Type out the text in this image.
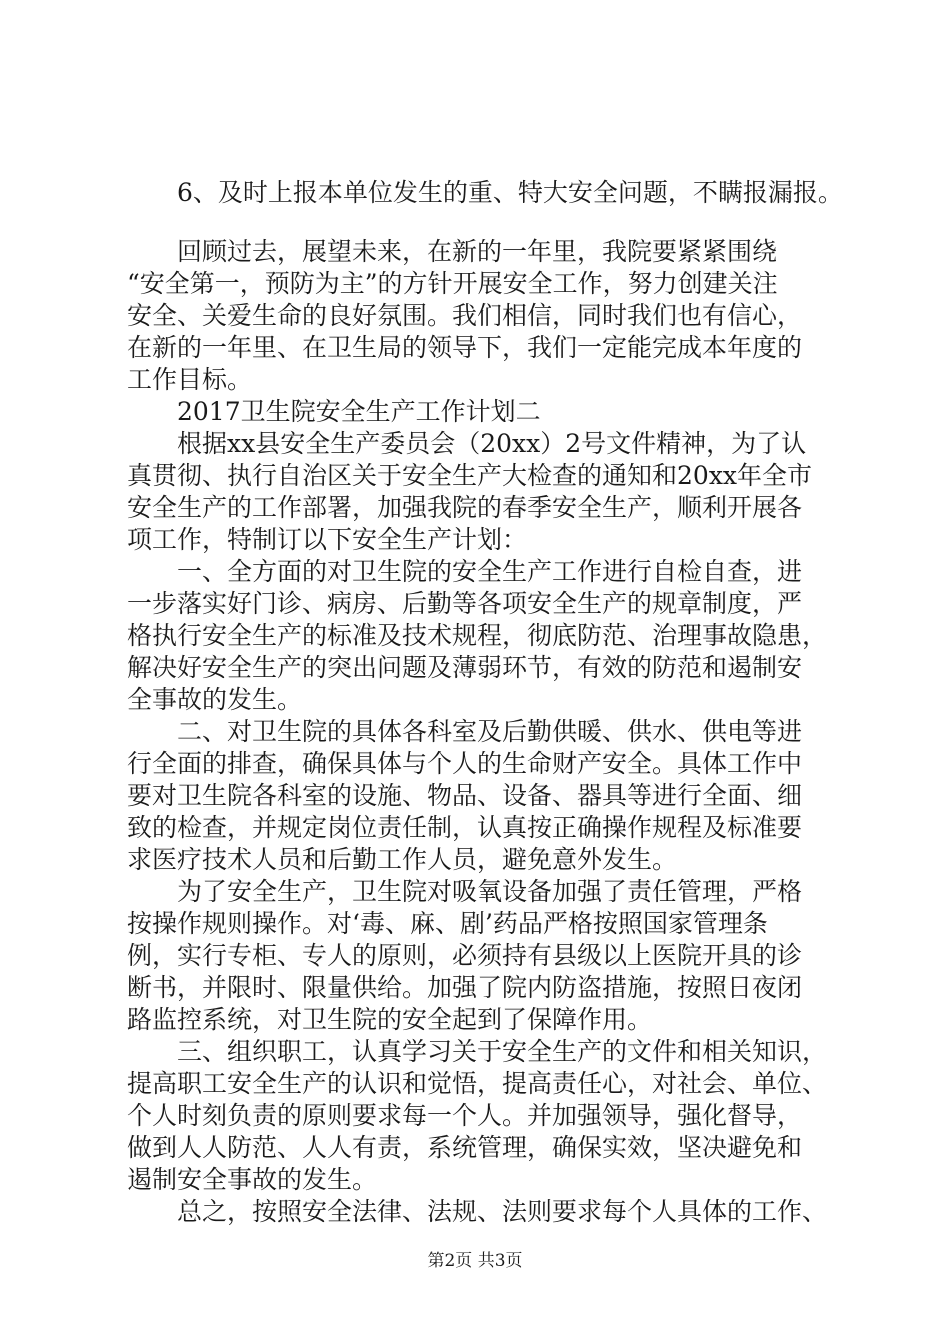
　　6、及时上报本单位发生的重、特大安全问题，不瞒报漏报。
　　回顾过去，展望未来，在新的一年里，我院要紧紧围绕
“安全第一，预防为主”的方针开展安全工作，努力创建关注
安全、关爱生命的良好氛围。我们相信，同时我们也有信心，
在新的一年里、在卫生局的领导下，我们一定能完成本年度的
工作目标。
　　2017卫生院安全生产工作计划二
　　根据xx县安全生产委员会（20xx）2号文件精神，为了认
真贯彻、执行自治区关于安全生产大检查的通知和20xx年全市
安全生产的工作部署，加强我院的春季安全生产，顺利开展各
项工作，特制订以下安全生产计划：
　　一、全方面的对卫生院的安全生产工作进行自检自查，进
一步落实好门诊、病房、后勤等各项安全生产的规章制度，严
格执行安全生产的标准及技术规程，彻底防范、治理事故隐患，
解决好安全生产的突出问题及薄弱环节，有效的防范和遏制安
全事故的发生。
　　二、对卫生院的具体各科室及后勤供暖、供水、供电等进
行全面的排查，确保具体与个人的生命财产安全。具体工作中
要对卫生院各科室的设施、物品、设备、器具等进行全面、细
致的检查，并规定岗位责任制，认真按正确操作规程及标准要
求医疗技术人员和后勤工作人员，避免意外发生。
　　为了安全生产，卫生院对吸氧设备加强了责任管理，严格
按操作规则操作。对‘毒、麻、剧’药品严格按照国家管理条
例，实行专柜、专人的原则，必须持有县级以上医院开具的诊
断书，并限时、限量供给。加强了院内防盗措施，按照日夜闭
路监控系统，对卫生院的安全起到了保障作用。
　　三、组织职工，认真学习关于安全生产的文件和相关知识，
提高职工安全生产的认识和觉悟，提高责任心，对社会、单位、
个人时刻负责的原则要求每一个人。并加强领导，强化督导，
做到人人防范、人人有责，系统管理，确保实效，坚决避免和
遏制安全事故的发生。
　　总之，按照安全法律、法规、法则要求每个人具体的工作、
第2页 共3页
